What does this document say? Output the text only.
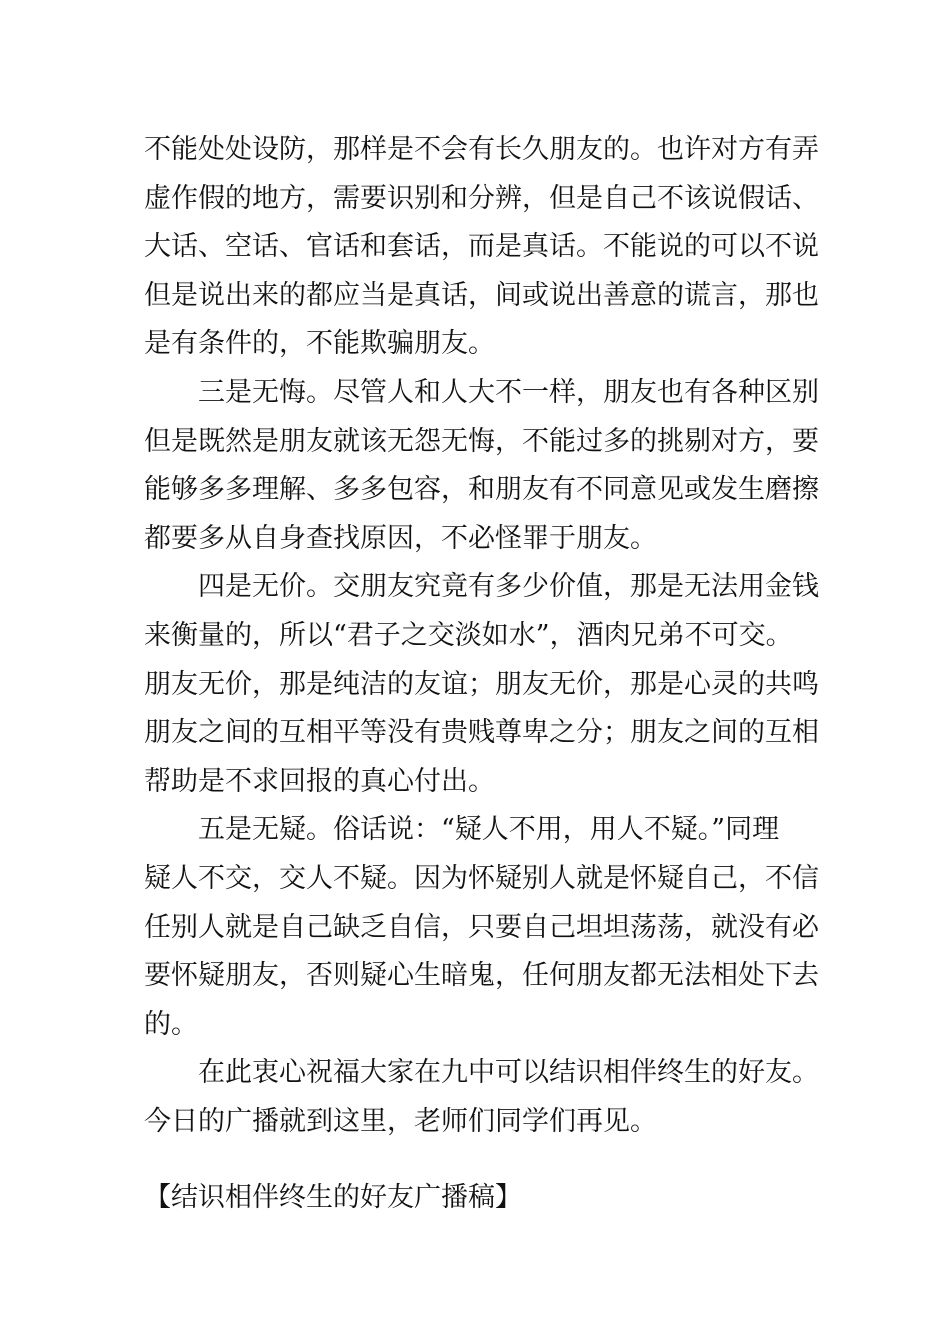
不能处处设防，那样是不会有长久朋友的。也许对方有弄
虚作假的地方，需要识别和分辨，但是自己不该说假话、
大话、空话、官话和套话，而是真话。不能说的可以不说
但是说出来的都应当是真话，间或说出善意的谎言，那也
是有条件的，不能欺骗朋友。
三是无悔。尽管人和人大不一样，朋友也有各种区别
但是既然是朋友就该无怨无悔，不能过多的挑剔对方，要
能够多多理解、多多包容，和朋友有不同意见或发生磨擦
都要多从自身查找原因，不必怪罪于朋友。
四是无价。交朋友究竟有多少价值，那是无法用金钱
来衡量的，所以“君子之交淡如水”，酒肉兄弟不可交。
朋友无价，那是纯洁的友谊；朋友无价，那是心灵的共鸣
朋友之间的互相平等没有贵贱尊卑之分；朋友之间的互相
帮助是不求回报的真心付出。
五是无疑。俗话说：“疑人不用，用人不疑。”同理
疑人不交，交人不疑。因为怀疑别人就是怀疑自己，不信
任别人就是自己缺乏自信，只要自己坦坦荡荡，就没有必
要怀疑朋友，否则疑心生暗鬼，任何朋友都无法相处下去
的。
在此衷心祝福大家在九中可以结识相伴终生的好友。
今日的广播就到这里，老师们同学们再见。
【结识相伴终生的好友广播稿】
